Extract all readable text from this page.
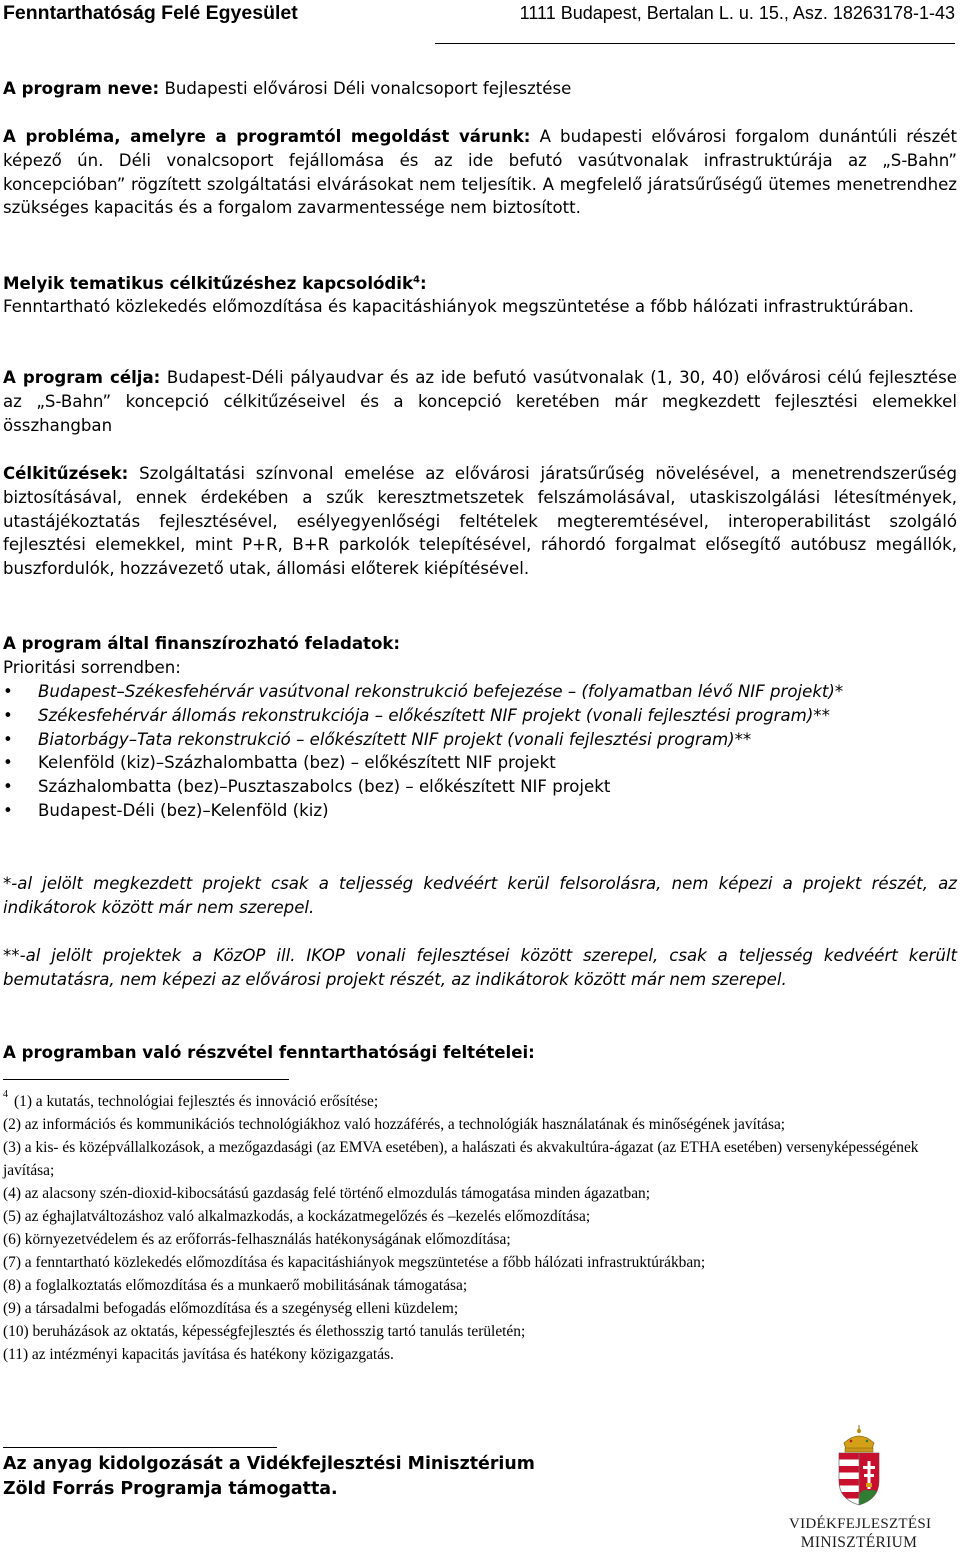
Fenntarthatóság Felé Egyesület	1111 Budapest, Bertalan L. u. 15., Asz. 18263178-1-43

A program neve: Budapesti elővárosi Déli vonalcsoport fejlesztése

A probléma, amelyre a programtól megoldást várunk: A budapesti elővárosi forgalom dunántúli részét képező ún. Déli vonalcsoport fejállomása és az ide befutó vasútvonalak infrastruktúrája az „S-Bahn” koncepcióban” rögzített szolgáltatási elvárásokat nem teljesítik. A megfelelő járatsűrűségű ütemes menetrendhez szükséges kapacitás és a forgalom zavarmentessége nem biztosított.

Melyik tematikus célkitűzéshez kapcsolódik$^4$:
Fenntartható közlekedés előmozdítása és kapacitáshiányok megszüntetése a főbb hálózati infrastruktúrában.

A program célja: Budapest-Déli pályaudvar és az ide befutó vasútvonalak (1, 30, 40) elővárosi célú fejlesztése az „S-Bahn” koncepció célkitűzéseivel és a koncepció keretében már megkezdett fejlesztési elemekkel összhangban

Célkitűzések: Szolgáltatási színvonal emelése az elővárosi járatsűrűség növelésével, a menetrendszerűség biztosításával, ennek érdekében a szűk keresztmetszetek felszámolásával, utaskiszolgálási létesítmények, utastájékoztatás fejlesztésével, esélyegyenlőségi feltételek megteremtésével, interoperabilitást szolgáló fejlesztési elemekkel, mint P+R, B+R parkolók telepítésével, ráhordó forgalmat elősegítő autóbusz megállók, buszfordulók, hozzávezető utak, állomási előterek kiépítésével.

A program által finanszírozható feladatok:
Prioritási sorrendben:

• Budapest–Székesfehérvár vasútvonal rekonstrukció befejezése – (folyamatban lévő NIF projekt)*
• Székesfehérvár állomás rekonstrukciója – előkészített NIF projekt (vonali fejlesztési program)**
• Biatorbágy–Tata rekonstrukció – előkészített NIF projekt (vonali fejlesztési program)**
• Kelenföld (kiz)–Százhalombatta (bez) – előkészített NIF projekt
• Százhalombatta (bez)–Pusztaszabolcs (bez) – előkészített NIF projekt
• Budapest-Déli (bez)–Kelenföld (kiz)

*-al jelölt megkezdett projekt csak a teljesség kedvéért kerül felsorolásra, nem képezi a projekt részét, az indikátorok között már nem szerepel.

**-al jelölt projektek a KözOP ill. IKOP vonali fejlesztései között szerepel, csak a teljesség kedvéért került bemutatásra, nem képezi az elővárosi projekt részét, az indikátorok között már nem szerepel.

A programban való részvétel fenntarthatósági feltételei:

$^4$ (1) a kutatás, technológiai fejlesztés és innováció erősítése;

(2) az információs és kommunikációs technológiákhoz való hozzáférés, a technológiák használatának és minőségének javítása;

(3) a kis- és középvállalkozások, a mezőgazdasági (az EMVA esetében), a halászati és akvakultúra-ágazat (az ETHA esetében) versenyképességének javítása;

(4) az alacsony szén-dioxid-kibocsátású gazdaság felé történő elmozdulás támogatása minden ágazatban;

(5) az éghajlatváltozáshoz való alkalmazkodás, a kockázatmegelőzés és –kezelés előmozdítása;

(6) környezetvédelem és az erőforrás-felhasználás hatékonyságának előmozdítása;

(7) a fenntartható közlekedés előmozdítása és kapacitáshiányok megszüntetése a főbb hálózati infrastruktúrákban;

(8) a foglalkoztatás előmozdítása és a munkaerő mobilitásának támogatása;

(9) a társadalmi befogadás előmozdítása és a szegénység elleni küzdelem;

(10) beruházások az oktatás, képességfejlesztés és élethosszig tartó tanulás területén;

(11) az intézményi kapacitás javítása és hatékony közigazgatás.

Az anyag kidolgozását a Vidékfejlesztési Minisztérium
Zöld Forrás Programja támogatta.
VIDÉKFEJLESZTÉSI
MINISZTÉRIUM
